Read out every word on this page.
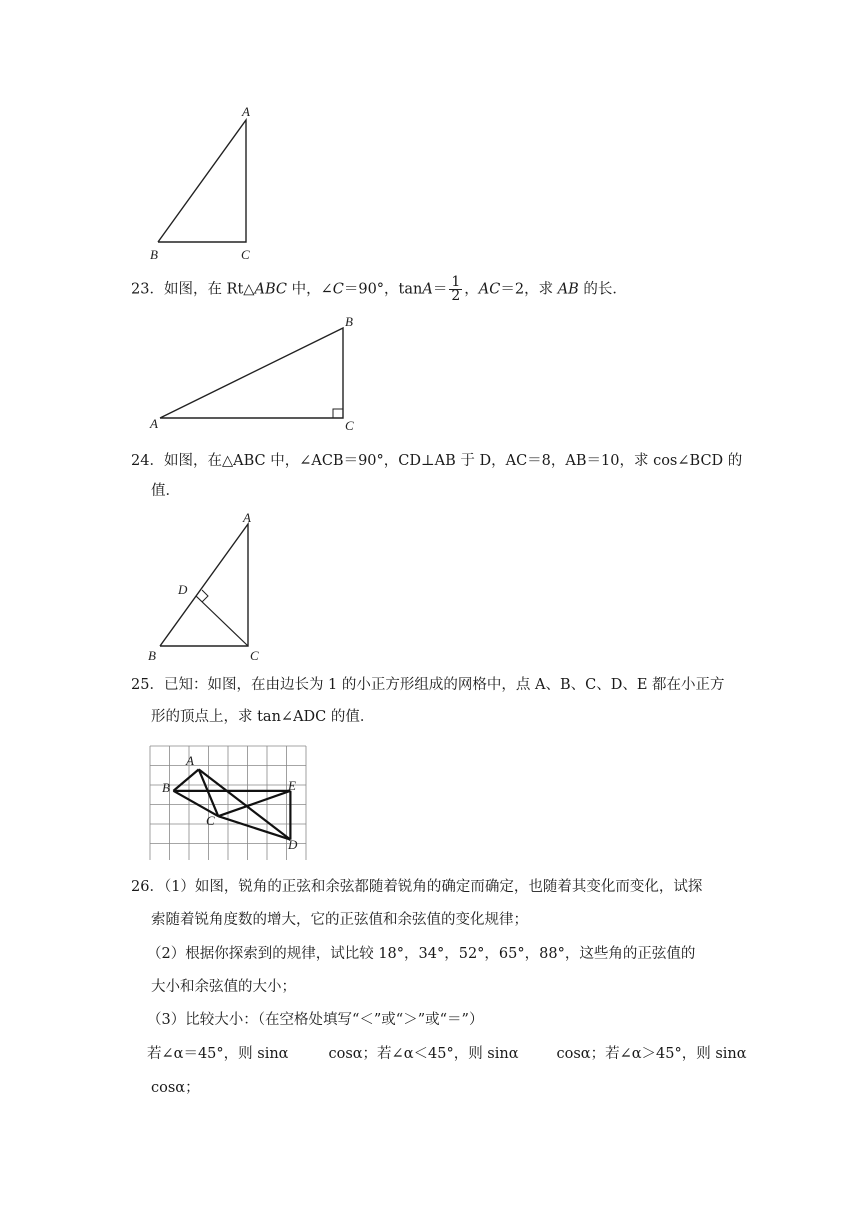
A
B	C
23．如图，在 Rt△ABC 中，∠C＝90°，$\tan A= \frac{1}{2}$ ，AC＝2，求 AB 的长．
B
A	C
24．如图，在△ABC 中，∠ACB＝90°，CD⊥AB 于 D，AC＝8，AB＝10，求 cos∠BCD 的
值．
A
D
B	C
25．已知：如图，在由边长为 1 的小正方形组成的网格中，点 A、B、C、D、E 都在小正方
形的顶点上，求 tan∠ADC 的值．
A
B	E
C
D
26．（1）如图，锐角的正弦和余弦都随着锐角的确定而确定，也随着其变化而变化，试探
索随着锐角度数的增大，它的正弦值和余弦值的变化规律；
（2）根据你探索到的规律，试比较 18°，34°，52°，65°，88°，这些角的正弦值的
大小和余弦值的大小；
（3）比较大小：（在空格处填写“＜”或“＞”或“＝”）
若∠α＝45°，则 sinα	cosα；若∠α＜45°，则 sinα	cosα；若∠α＞45°，则 sinα
cosα；
